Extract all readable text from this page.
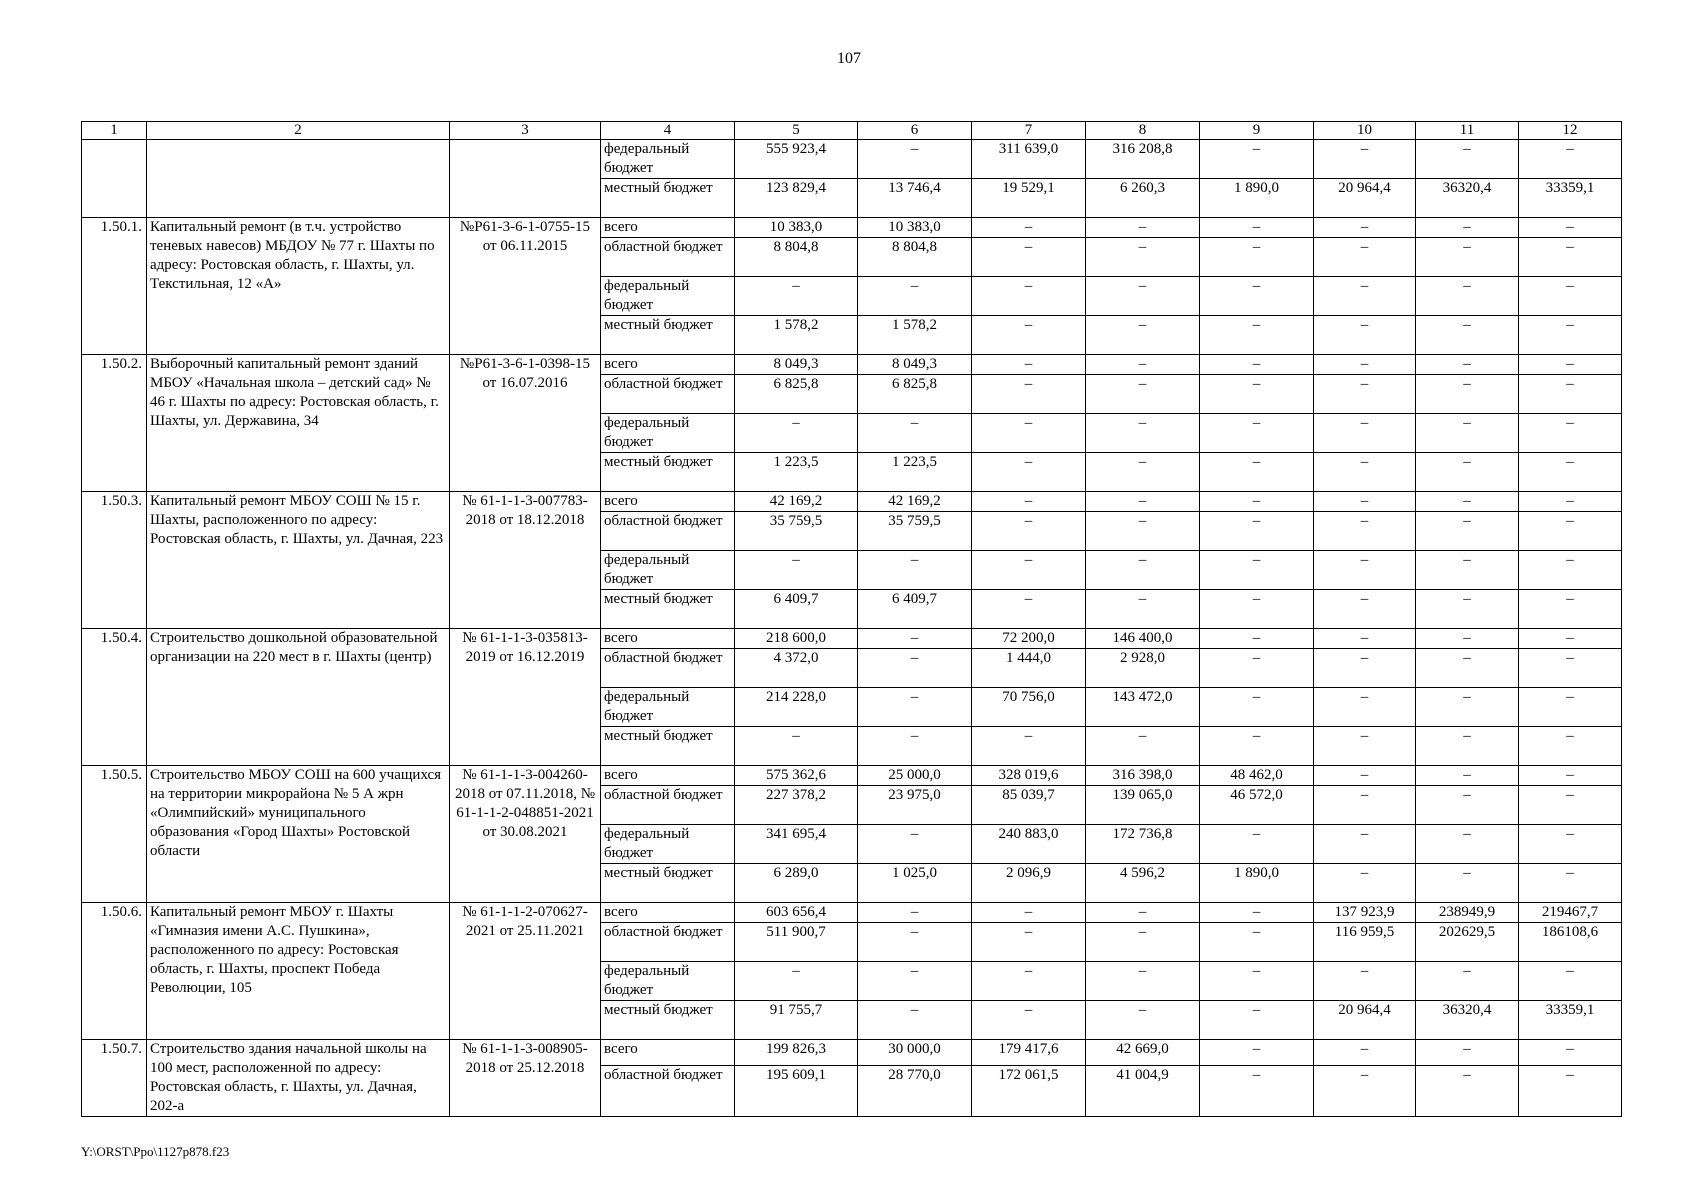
107
1	2	3	4	5	6	7	8	9	10	11	12
			федеральный бюджет	555 923,4	–	311 639,0	316 208,8	–	–	–	–
			местный бюджет	123 829,4	13 746,4	19 529,1	6 260,3	1 890,0	20 964,4	36320,4	33359,1
1.50.1.	Капитальный ремонт (в т.ч. устройство теневых навесов) МБДОУ № 77 г. Шахты по адресу: Ростовская область, г. Шахты, ул. Текстильная, 12 «А»	№Р61-3-6-1-0755-15 от 06.11.2015	всего	10 383,0	10 383,0	–	–	–	–	–	–
			областной бюджет	8 804,8	8 804,8	–	–	–	–	–	–
			федеральный бюджет	–	–	–	–	–	–	–	–
			местный бюджет	1 578,2	1 578,2	–	–	–	–	–	–
1.50.2.	Выборочный капитальный ремонт зданий МБОУ «Начальная школа – детский сад» № 46 г. Шахты по адресу: Ростовская область, г. Шахты, ул. Державина, 34	№Р61-3-6-1-0398-15 от 16.07.2016	всего	8 049,3	8 049,3	–	–	–	–	–	–
			областной бюджет	6 825,8	6 825,8	–	–	–	–	–	–
			федеральный бюджет	–	–	–	–	–	–	–	–
			местный бюджет	1 223,5	1 223,5	–	–	–	–	–	–
1.50.3.	Капитальный ремонт МБОУ СОШ № 15 г. Шахты, расположенного по адресу: Ростовская область, г. Шахты, ул. Дачная, 223	№ 61-1-1-3-007783-2018 от 18.12.2018	всего	42 169,2	42 169,2	–	–	–	–	–	–
			областной бюджет	35 759,5	35 759,5	–	–	–	–	–	–
			федеральный бюджет	–	–	–	–	–	–	–	–
			местный бюджет	6 409,7	6 409,7	–	–	–	–	–	–
1.50.4.	Строительство дошкольной образовательной организации на 220 мест в г. Шахты (центр)	№ 61-1-1-3-035813-2019 от 16.12.2019	всего	218 600,0	–	72 200,0	146 400,0	–	–	–	–
			областной бюджет	4 372,0	–	1 444,0	2 928,0	–	–	–	–
			федеральный бюджет	214 228,0	–	70 756,0	143 472,0	–	–	–	–
			местный бюджет	–	–	–	–	–	–	–	–
1.50.5.	Строительство МБОУ СОШ на 600 учащихся на территории микрорайона № 5 А жрн «Олимпийский» муниципального образования «Город Шахты» Ростовской области	№ 61-1-1-3-004260-2018 от 07.11.2018, № 61-1-1-2-048851-2021 от 30.08.2021	всего	575 362,6	25 000,0	328 019,6	316 398,0	48 462,0	–	–	–
			областной бюджет	227 378,2	23 975,0	85 039,7	139 065,0	46 572,0	–	–	–
			федеральный бюджет	341 695,4	–	240 883,0	172 736,8	–	–	–	–
			местный бюджет	6 289,0	1 025,0	2 096,9	4 596,2	1 890,0	–	–	–
1.50.6.	Капитальный ремонт МБОУ г. Шахты «Гимназия имени А.С. Пушкина», расположенного по адресу: Ростовская область, г. Шахты, проспект Победа Революции, 105	№ 61-1-1-2-070627-2021 от 25.11.2021	всего	603 656,4	–	–	–	–	137 923,9	238949,9	219467,7
			областной бюджет	511 900,7	–	–	–	–	116 959,5	202629,5	186108,6
			федеральный бюджет	–	–	–	–	–	–	–	–
			местный бюджет	91 755,7	–	–	–	–	20 964,4	36320,4	33359,1
1.50.7.	Строительство здания начальной школы на 100 мест, расположенной по адресу: Ростовская область, г. Шахты, ул. Дачная, 202-а	№ 61-1-1-3-008905-2018 от 25.12.2018	всего	199 826,3	30 000,0	179 417,6	42 669,0	–	–	–	–
			областной бюджет	195 609,1	28 770,0	172 061,5	41 004,9	–	–	–	–
Y:\ORST\Ppo\1127p878.f23
